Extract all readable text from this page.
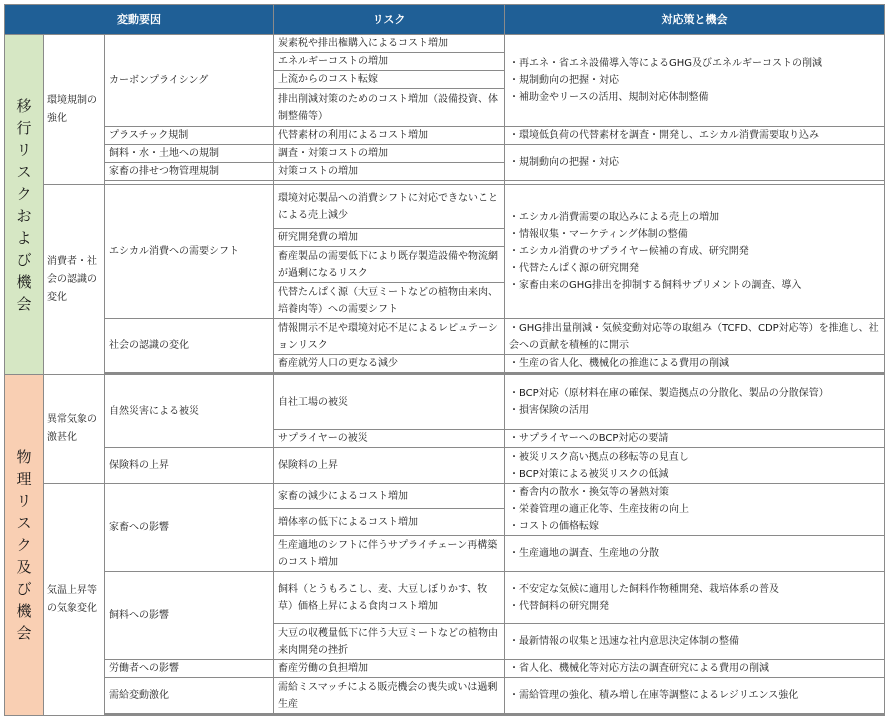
変動要因			リスク	対応策と機会	

移行リスクおよび機会	環境規制の強化	カーボンプライシング	炭素税や排出権購入によるコスト増加	・再エネ・省エネ設備導入等によるGHG及びエネルギーコストの削減
・規制動向の把握・対応
・補助金やリースの活用、規制対応体制整備	

			エネルギーコストの増加		
			上流からのコスト転嫁		
			排出削減対策のためのコスト増加（設備投資、体制整備等）		
		プラスチック規制	代替素材の利用によるコスト増加	・環境低負荷の代替素材を調査・開発し、エシカル消費需要取り込み	
		飼料・水・土地への規制	調査・対策コストの増加	・規制動向の把握・対応	
		家畜の排せつ物管理規制	対策コストの増加		

	消費者・社会の認識の変化	エシカル消費への需要シフト	環境対応製品への消費シフトに対応できないことによる売上減少	・エシカル消費需要の取込みによる売上の増加
・情報収集・マーケティング体制の整備
・エシカル消費のサプライヤー候補の育成、研究開発
・代替たんぱく源の研究開発
・家畜由来のGHG排出を抑制する飼料サプリメントの調査、導入	

			研究開発費の増加		
			畜産製品の需要低下により既存製造設備や物流網が過剰になるリスク		
			代替たんぱく源（大豆ミートなどの植物由来肉、培養肉等）への需要シフト		
		社会の認識の変化	情報開示不足や環境対応不足によるレピュテーションリスク	・GHG排出量削減・気候変動対応等の取組み（TCFD、CDP対応等）を推進し、社会への貢献を積極的に開示	
			畜産就労人口の更なる減少	・生産の省人化、機械化の推進による費用の削減	

物理リスク及び機会	異常気象の激甚化	自然災害による被災	自社工場の被災	・BCP対応（原材料在庫の確保、製造拠点の分散化、製品の分散保管）
・損害保険の活用	

			サプライヤーの被災	・サプライヤーへのBCP対応の要請	
		保険料の上昇	保険料の上昇	・被災リスク高い拠点の移転等の見直し
・BCP対策による被災リスクの低減	

	気温上昇等の気象変化	家畜への影響	家畜の減少によるコスト増加	・畜舎内の散水・換気等の暑熱対策
・栄養管理の適正化等、生産技術の向上
・コストの価格転嫁	

			増体率の低下によるコスト増加		
			生産適地のシフトに伴うサプライチェーン再構築のコスト増加	・生産適地の調査、生産地の分散	
		飼料への影響	飼料（とうもろこし、麦、大豆しぼりかす、牧草）価格上昇による食肉コスト増加	・不安定な気候に適用した飼料作物種開発、栽培体系の普及
・代替飼料の研究開発	

			大豆の収穫量低下に伴う大豆ミートなどの植物由来肉開発の挫折	・最新情報の収集と迅速な社内意思決定体制の整備	
		労働者への影響	畜産労働の負担増加	・省人化、機械化等対応方法の調査研究による費用の削減	
		需給変動激化	需給ミスマッチによる販売機会の喪失或いは過剰生産	・需給管理の強化、積み増し在庫等調整によるレジリエンス強化	
